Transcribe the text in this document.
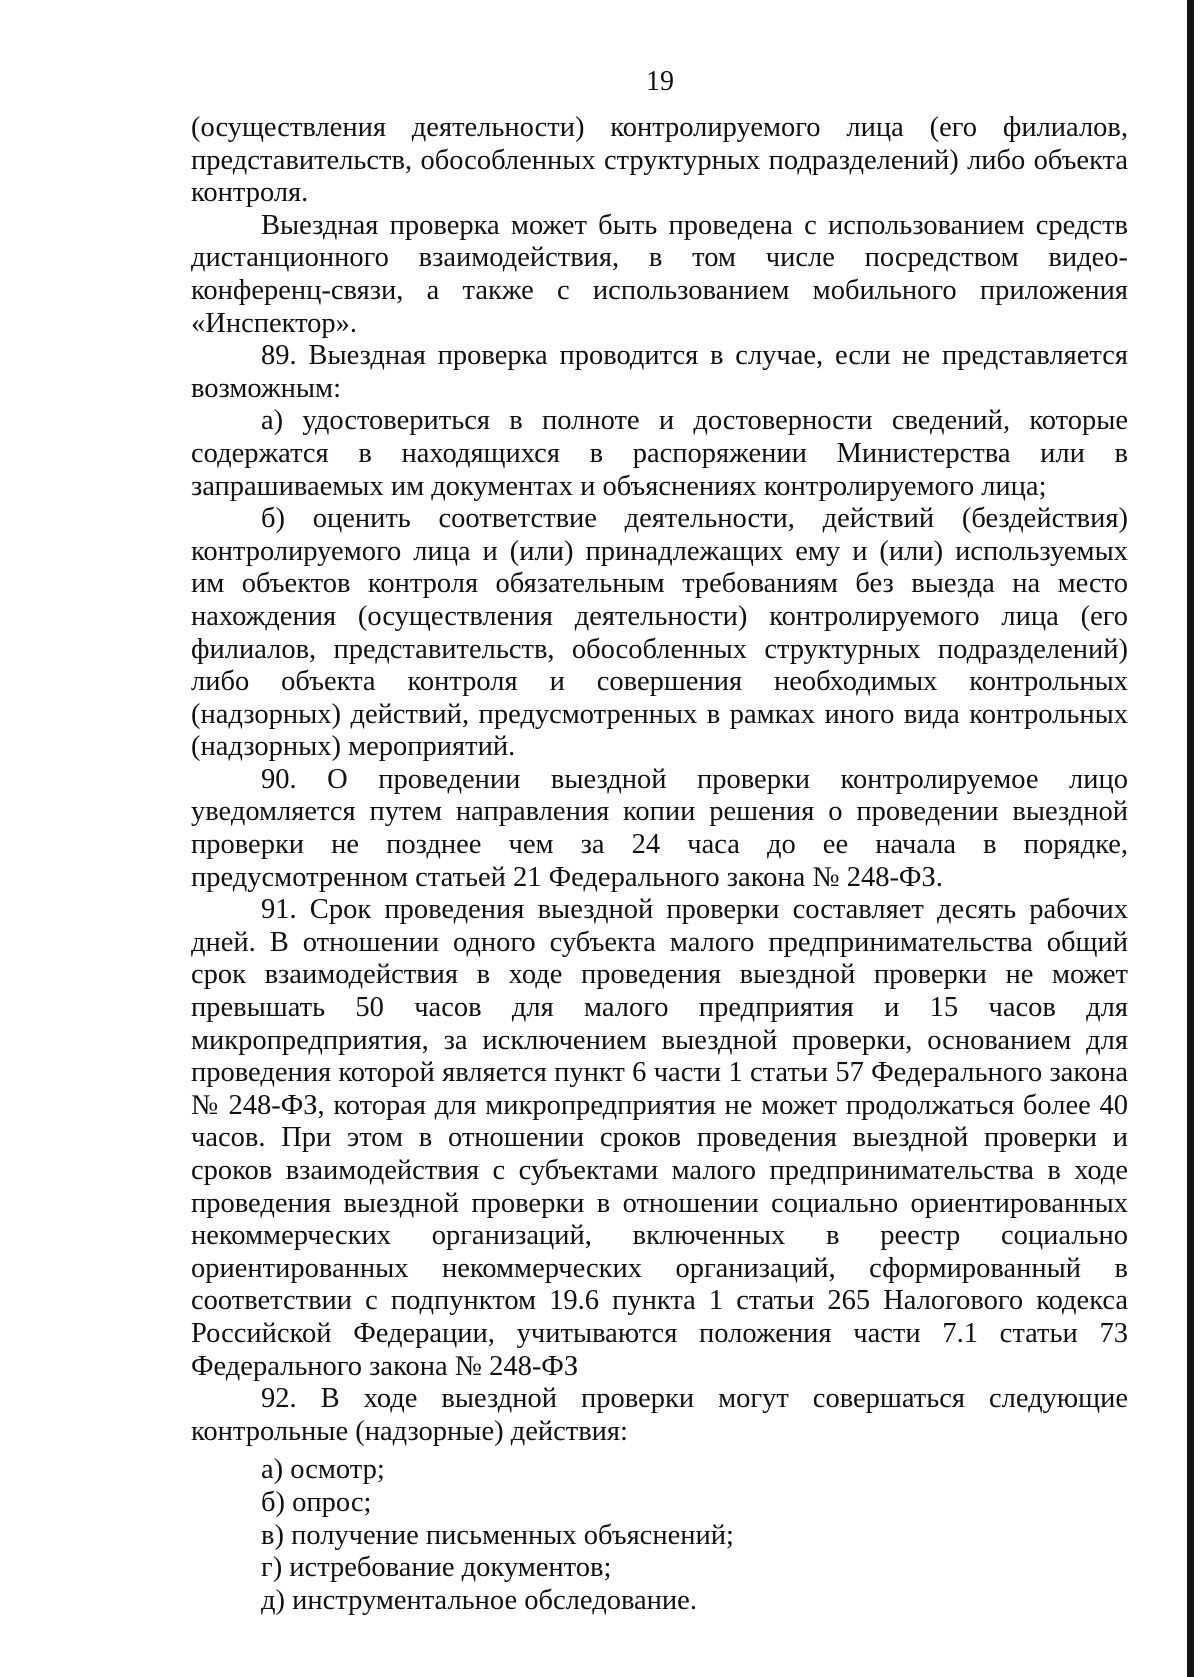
19

(осуществления деятельности) контролируемого лица (его филиалов, представительств, обособленных структурных подразделений) либо объекта контроля.

Выездная проверка может быть проведена с использованием средств дистанционного взаимодействия, в том числе посредством видео-конференц-связи, а также с использованием мобильного приложения «Инспектор».

89. Выездная проверка проводится в случае, если не представляется возможным:

а) удостовериться в полноте и достоверности сведений, которые содержатся в находящихся в распоряжении Министерства или в запрашиваемых им документах и объяснениях контролируемого лица;

б) оценить соответствие деятельности, действий (бездействия) контролируемого лица и (или) принадлежащих ему и (или) используемых им объектов контроля обязательным требованиям без выезда на место нахождения (осуществления деятельности) контролируемого лица (его филиалов, представительств, обособленных структурных подразделений) либо объекта контроля и совершения необходимых контрольных (надзорных) действий, предусмотренных в рамках иного вида контрольных (надзорных) мероприятий.

90. О проведении выездной проверки контролируемое лицо уведомляется путем направления копии решения о проведении выездной проверки не позднее чем за 24 часа до ее начала в порядке, предусмотренном статьей 21 Федерального закона № 248-ФЗ.

91. Срок проведения выездной проверки составляет десять рабочих дней. В отношении одного субъекта малого предпринимательства общий срок взаимодействия в ходе проведения выездной проверки не может превышать 50 часов для малого предприятия и 15 часов для микропредприятия, за исключением выездной проверки, основанием для проведения которой является пункт 6 части 1 статьи 57 Федерального закона № 248-ФЗ, которая для микропредприятия не может продолжаться более 40 часов. При этом в отношении сроков проведения выездной проверки и сроков взаимодействия с субъектами малого предпринимательства в ходе проведения выездной проверки в отношении социально ориентированных некоммерческих организаций, включенных в реестр социально ориентированных некоммерческих организаций, сформированный в соответствии с подпунктом 19.6 пункта 1 статьи 265 Налогового кодекса Российской Федерации, учитываются положения части 7.1 статьи 73 Федерального закона № 248-ФЗ

92. В ходе выездной проверки могут совершаться следующие контрольные (надзорные) действия:

а) осмотр;

б) опрос;

в) получение письменных объяснений;

г) истребование документов;

д) инструментальное обследование.
